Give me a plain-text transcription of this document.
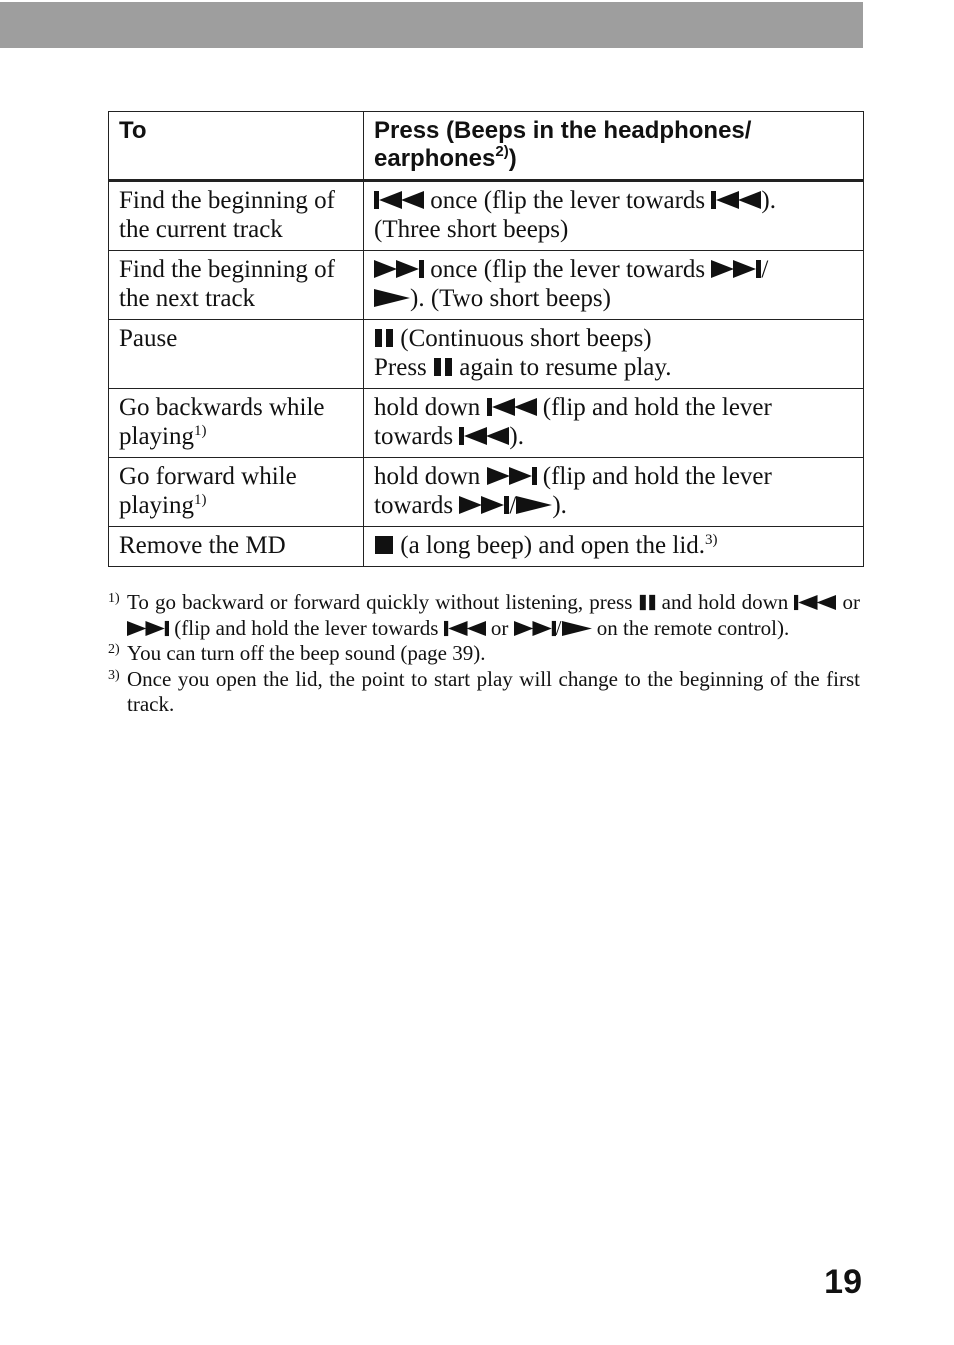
To	Press (Beeps in the headphones/
earphones$^{2)}$)
Find the beginning of the current track	once (flip the lever towards ).
(Three short beeps)
Find the beginning of the next track	once (flip the lever towards /
). (Two short beeps)
Pause	(Continuous short beeps)
Press again to resume play.
Go backwards while playing$^{1)}$	hold down (flip and hold the lever towards ).
Go forward while playing$^{1)}$	hold down (flip and hold the lever towards / ).
Remove the MD	(a long beep) and open the lid.$^{3)}$
1) To go backward or forward quickly without listening, press and hold down	or  (flip and hold the lever towards	or / on the remote control).
2) You can turn off the beep sound (page 39).
3) Once you open the lid, the point to start play will change to the beginning of the first track.
19
